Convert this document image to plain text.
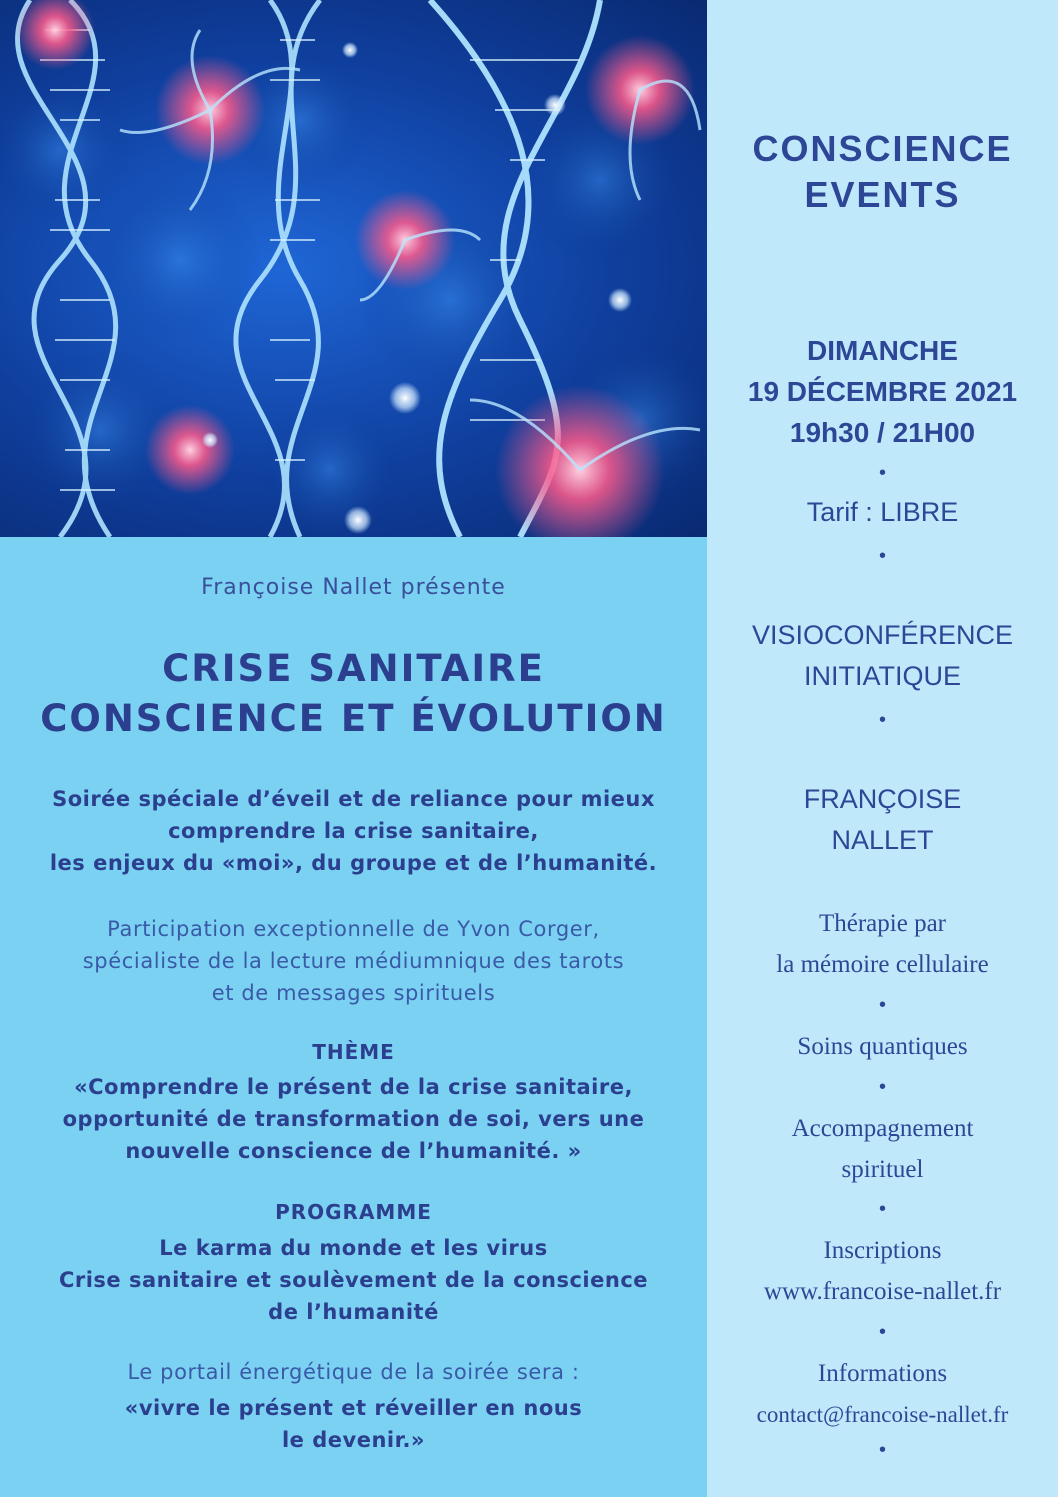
Françoise Nallet présente

CRISE SANITAIRE
CONSCIENCE ET ÉVOLUTION

Soirée spéciale d’éveil et de reliance pour mieux
comprendre la crise sanitaire,
les enjeux du «moi», du groupe et de l’humanité.

Participation exceptionnelle de Yvon Corger,
spécialiste de la lecture médiumnique des tarots
et de messages spirituels

THÈME

«Comprendre le présent de la crise sanitaire,
opportunité de transformation de soi, vers une
nouvelle conscience de l’humanité. »

PROGRAMME

Le karma du monde et les virus
Crise sanitaire et soulèvement de la conscience
de l’humanité

Le portail énergétique de la soirée sera :

«vivre le présent et réveiller en nous
le devenir.»

CONSCIENCE
EVENTS

DIMANCHE
19 DÉCEMBRE 2021
19h30 / 21H00

•

Tarif : LIBRE

•

VISIOCONFÉRENCE
INITIATIQUE

•

FRANÇOISE
NALLET

Thérapie par
la mémoire cellulaire

•

Soins quantiques

•

Accompagnement
spirituel

•

Inscriptions

www.francoise-nallet.fr

•

Informations

contact@francoise-nallet.fr

•
